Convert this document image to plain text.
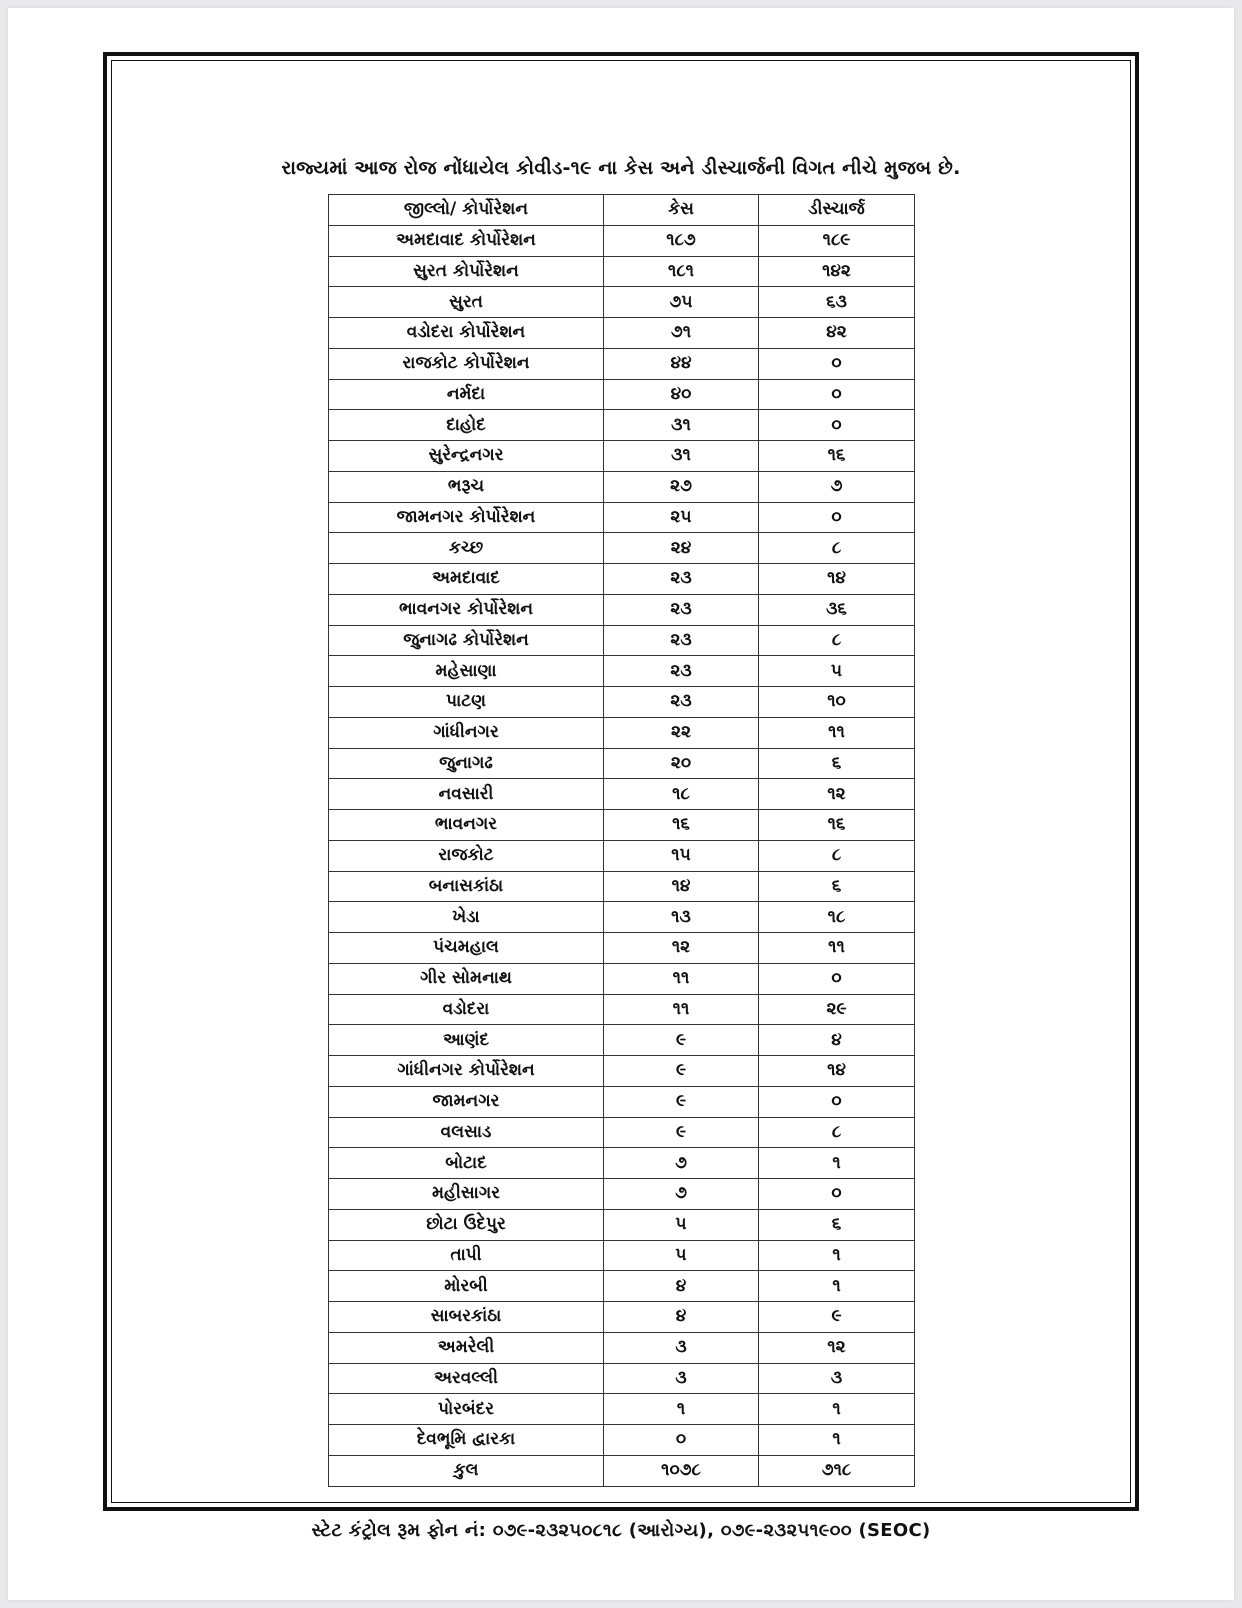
રાજ્યમાં આજ રોજ નોંધાયેલ કોવીડ-૧૯ ના કેસ અને ડીસ્ચાર્જની વિગત નીચે મુજબ છે.
જીલ્લો/ કોર્પોરેશન	કેસ	ડીસ્ચાર્જ
અમદાવાદ કોર્પોરેશન	૧૮૭	૧૮૯
સુરત કોર્પોરેશન	૧૮૧	૧૪૨
સુરત	૭૫	૬૩
વડોદરા કોર્પોરેશન	૭૧	૪૨
રાજકોટ કોર્પોરેશન	૪૪	૦
નર્મદા	૪૦	૦
દાહોદ	૩૧	૦
સુરેન્દ્રનગર	૩૧	૧૬
ભરૂચ	૨૭	૭
જામનગર કોર્પોરેશન	૨૫	૦
કચ્છ	૨૪	૮
અમદાવાદ	૨૩	૧૪
ભાવનગર કોર્પોરેશન	૨૩	૩૬
જુનાગઢ કોર્પોરેશન	૨૩	૮
મહેસાણા	૨૩	૫
પાટણ	૨૩	૧૦
ગાંધીનગર	૨૨	૧૧
જુનાગઢ	૨૦	૬
નવસારી	૧૮	૧૨
ભાવનગર	૧૬	૧૬
રાજકોટ	૧૫	૮
બનાસકાંઠા	૧૪	૬
ખેડા	૧૩	૧૮
પંચમહાલ	૧૨	૧૧
ગીર સોમનાથ	૧૧	૦
વડોદરા	૧૧	૨૯
આણંદ	૯	૪
ગાંધીનગર કોર્પોરેશન	૯	૧૪
જામનગર	૯	૦
વલસાડ	૯	૮
બોટાદ	૭	૧
મહીસાગર	૭	૦
છોટા ઉદેપુર	૫	૬
તાપી	૫	૧
મોરબી	૪	૧
સાબરકાંઠા	૪	૯
અમરેલી	૩	૧૨
અરવલ્લી	૩	૩
પોરબંદર	૧	૧
દેવભૂમિ દ્વારકા	૦	૧
કુલ	૧૦૭૮	૭૧૮
સ્ટેટ કંટ્રોલ રૂમ ફોન નં: ૦૭૯-૨૩૨૫૦૮૧૮ (આરોગ્ય), ૦૭૯-૨૩૨૫૧૯૦૦ (SEOC)
